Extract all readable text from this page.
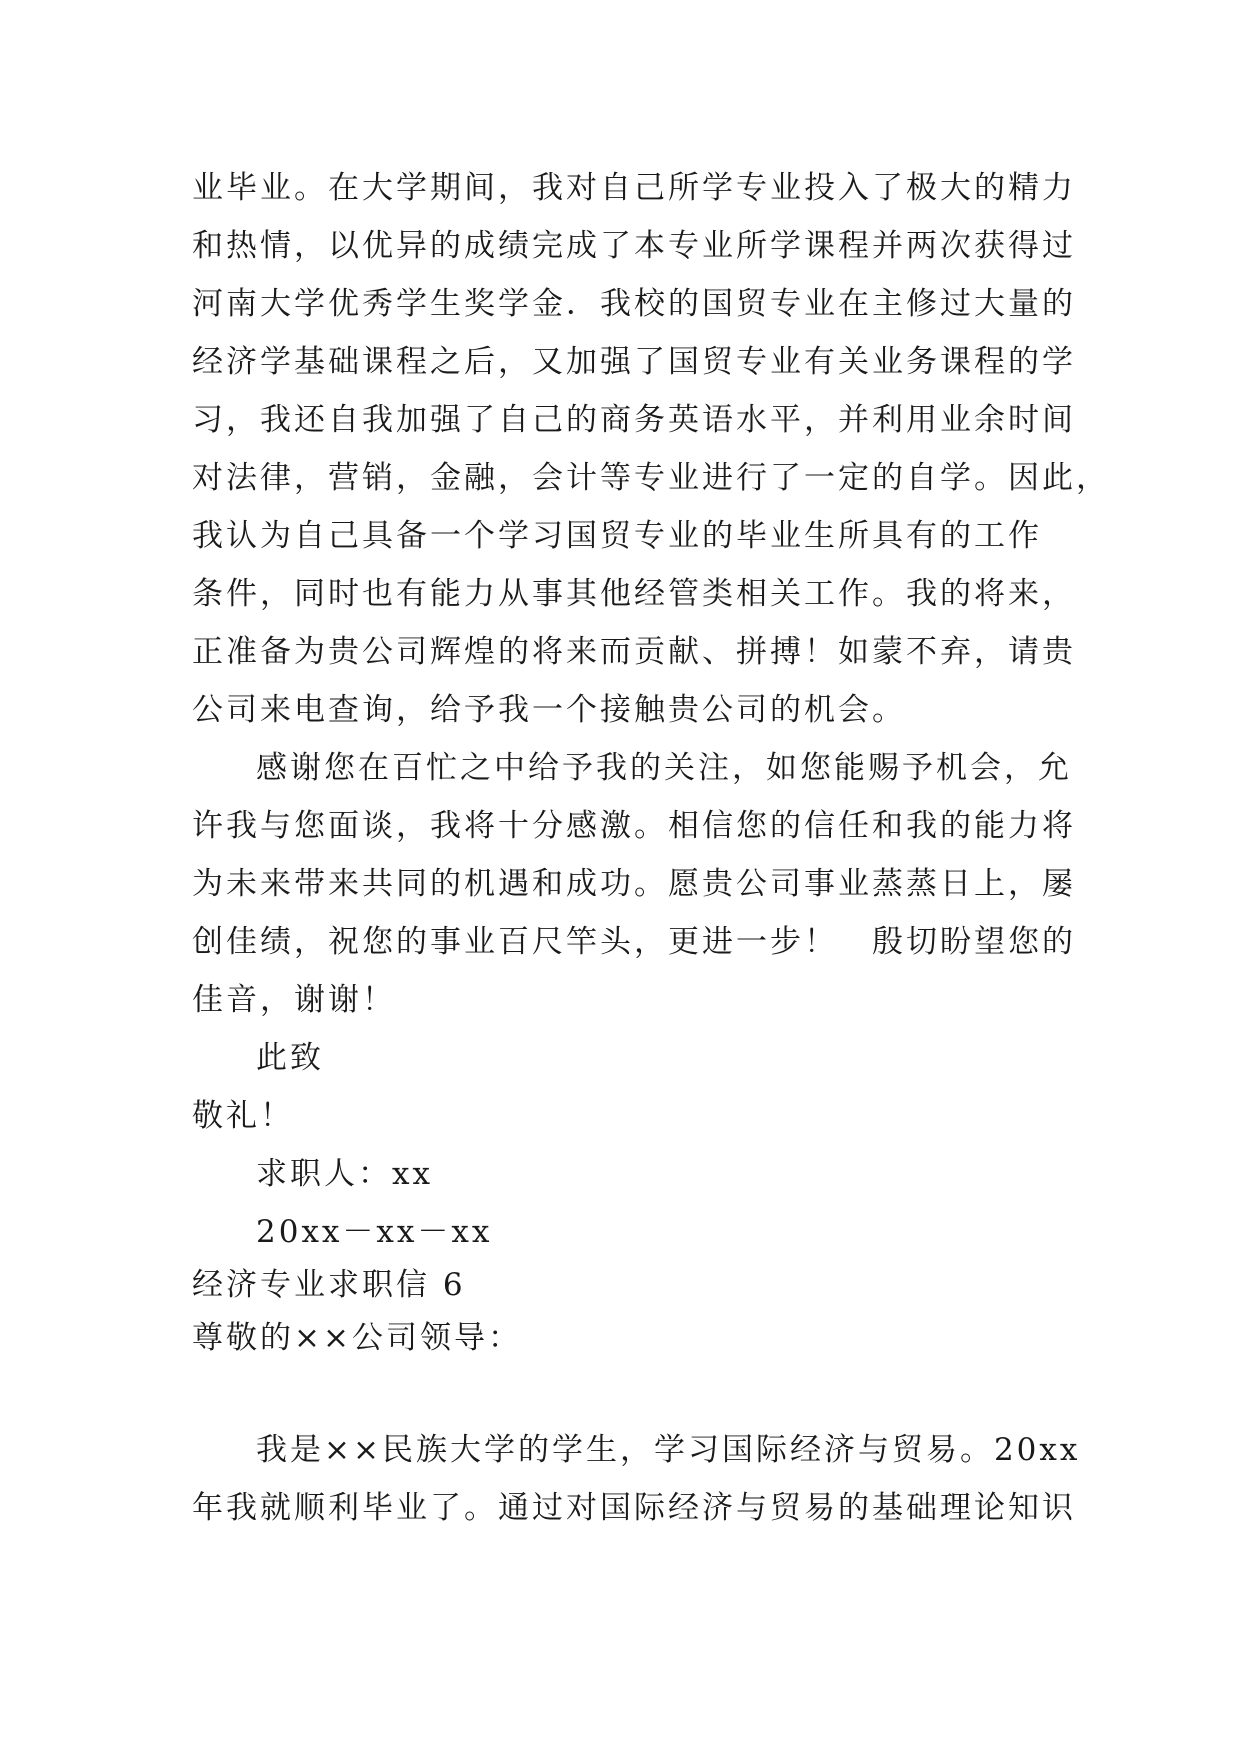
业毕业。在大学期间，我对自己所学专业投入了极大的精力
和热情，以优异的成绩完成了本专业所学课程并两次获得过
河南大学优秀学生奖学金．我校的国贸专业在主修过大量的
经济学基础课程之后，又加强了国贸专业有关业务课程的学
习，我还自我加强了自己的商务英语水平，并利用业余时间
对法律，营销，金融，会计等专业进行了一定的自学。因此，
我认为自己具备一个学习国贸专业的毕业生所具有的工作
条件，同时也有能力从事其他经管类相关工作。我的将来，
正准备为贵公司辉煌的将来而贡献、拼搏！如蒙不弃，请贵
公司来电查询，给予我一个接触贵公司的机会。
感谢您在百忙之中给予我的关注，如您能赐予机会，允
许我与您面谈，我将十分感激。相信您的信任和我的能力将
为未来带来共同的机遇和成功。愿贵公司事业蒸蒸日上，屡
创佳绩，祝您的事业百尺竿头，更进一步！　殷切盼望您的
佳音，谢谢！
此致
敬礼！
求职人：xx
20xx－xx－xx
经济专业求职信 6
尊敬的××公司领导：
我是××民族大学的学生，学习国际经济与贸易。20xx
年我就顺利毕业了。通过对国际经济与贸易的基础理论知识
